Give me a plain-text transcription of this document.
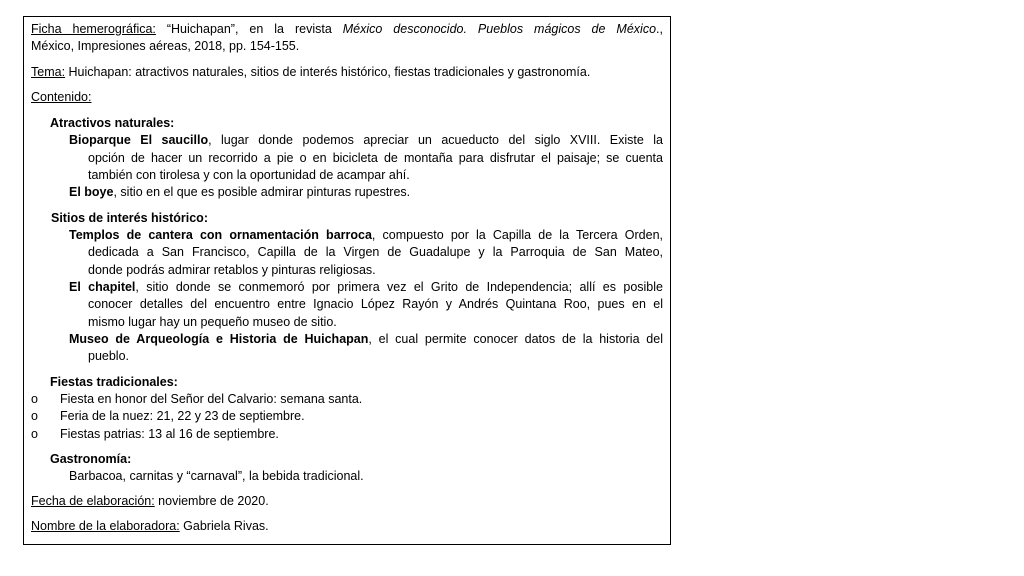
Ficha hemerográfica: “Huichapan”, en la revista México desconocido. Pueblos mágicos de México.,
México, Impresiones aéreas, 2018, pp. 154-155.
Tema: Huichapan: atractivos naturales, sitios de interés histórico, fiestas tradicionales y gastronomía.
Contenido:
Atractivos naturales:
Bioparque El saucillo, lugar donde podemos apreciar un acueducto del siglo XVIII. Existe la
opción de hacer un recorrido a pie o en bicicleta de montaña para disfrutar el paisaje; se cuenta
también con tirolesa y con la oportunidad de acampar ahí.
El boye, sitio en el que es posible admirar pinturas rupestres.
Sitios de interés histórico:
Templos de cantera con ornamentación barroca, compuesto por la Capilla de la Tercera Orden,
dedicada a San Francisco, Capilla de la Virgen de Guadalupe y la Parroquia de San Mateo,
donde podrás admirar retablos y pinturas religiosas.
El chapitel, sitio donde se conmemoró por primera vez el Grito de Independencia; allí es posible
conocer detalles del encuentro entre Ignacio López Rayón y Andrés Quintana Roo, pues en el
mismo lugar hay un pequeño museo de sitio.
Museo de Arqueología e Historia de Huichapan, el cual permite conocer datos de la historia del
pueblo.
Fiestas tradicionales:
o Fiesta en honor del Señor del Calvario: semana santa.
o Feria de la nuez: 21, 22 y 23 de septiembre.
o Fiestas patrias: 13 al 16 de septiembre.
Gastronomía:
Barbacoa, carnitas y “carnaval”, la bebida tradicional.
Fecha de elaboración: noviembre de 2020.
Nombre de la elaboradora: Gabriela Rivas.
